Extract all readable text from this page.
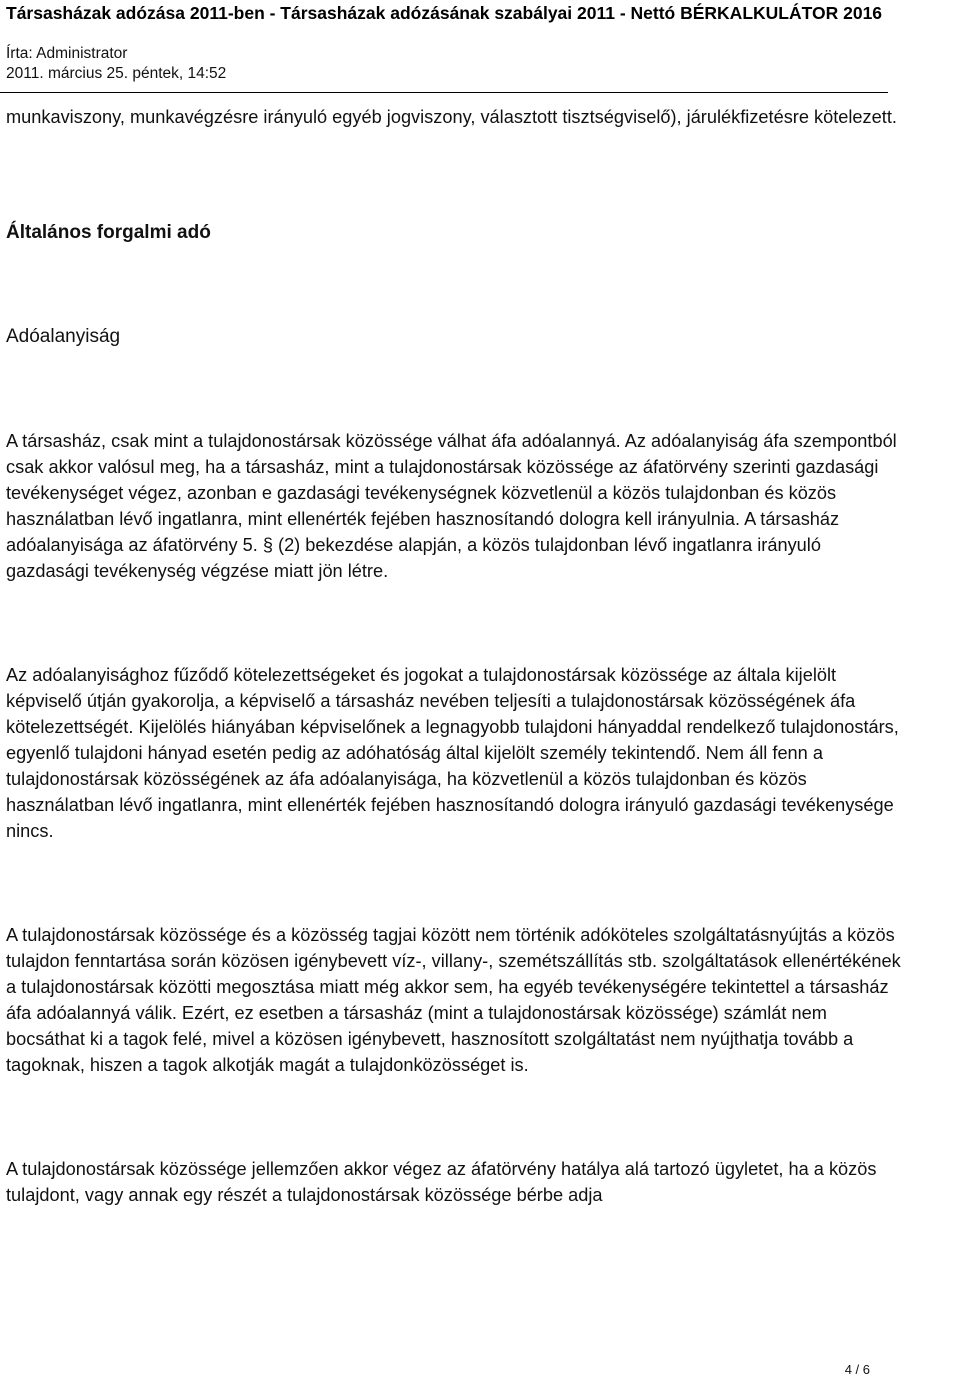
Társasházak adózása 2011-ben - Társasházak adózásának szabályai 2011 - Nettó BÉRKALKULÁTOR 2016
Írta: Administrator
2011. március 25. péntek, 14:52

munkaviszony, munkavégzésre irányuló egyéb jogviszony, választott tisztségviselő), járulékfizetésre kötelezett.

Általános forgalmi adó

Adóalanyiság

A társasház, csak mint a tulajdonostársak közössége válhat áfa adóalannyá. Az adóalanyiság áfa szempontból csak akkor valósul meg, ha a társasház, mint a tulajdonostársak közössége az áfatörvény szerinti gazdasági tevékenységet végez, azonban e gazdasági tevékenységnek közvetlenül a közös tulajdonban és közös használatban lévő ingatlanra, mint ellenérték fejében hasznosítandó dologra kell irányulnia. A társasház adóalanyisága az áfatörvény 5. § (2) bekezdése alapján, a közös tulajdonban lévő ingatlanra irányuló gazdasági tevékenység végzése miatt jön létre.

Az adóalanyisághoz fűződő kötelezettségeket és jogokat a tulajdonostársak közössége az általa kijelölt képviselő útján gyakorolja, a képviselő a társasház nevében teljesíti a tulajdonostársak közösségének áfa kötelezettségét. Kijelölés hiányában képviselőnek a legnagyobb tulajdoni hányaddal rendelkező tulajdonostárs, egyenlő tulajdoni hányad esetén pedig az adóhatóság által kijelölt személy tekintendő. Nem áll fenn a tulajdonostársak közösségének az áfa adóalanyisága, ha közvetlenül a közös tulajdonban és közös használatban lévő ingatlanra, mint ellenérték fejében hasznosítandó dologra irányuló gazdasági tevékenysége nincs.

A tulajdonostársak közössége és a közösség tagjai között nem történik adóköteles szolgáltatásnyújtás a közös tulajdon fenntartása során közösen igénybevett víz-, villany-, szemétszállítás stb. szolgáltatások ellenértékének a tulajdonostársak közötti megosztása miatt még akkor sem, ha egyéb tevékenységére tekintettel a társasház áfa adóalannyá válik. Ezért, ez esetben a társasház (mint a tulajdonostársak közössége) számlát nem bocsáthat ki a tagok felé, mivel a közösen igénybevett, hasznosított szolgáltatást nem nyújthatja tovább a tagoknak, hiszen a tagok alkotják magát a tulajdonközösséget is.

A tulajdonostársak közössége jellemzően akkor végez az áfatörvény hatálya alá tartozó ügyletet, ha a közös tulajdont, vagy annak egy részét a tulajdonostársak közössége bérbe adja

4 / 6
